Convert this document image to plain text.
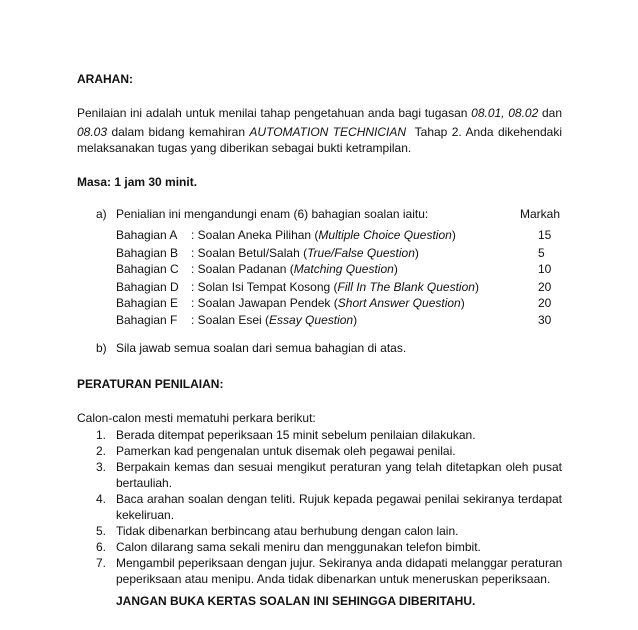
ARAHAN:
Penilaian ini adalah untuk menilai tahap pengetahuan anda bagi tugasan 08.01, 08.02 dan
08.03 dalam bidang kemahiran AUTOMATION TECHNICIAN  Tahap 2. Anda dikehendaki
melaksanakan tugas yang diberikan sebagai bukti ketrampilan.
Masa: 1 jam 30 minit.
a) Penialian ini mengandungi enam (6) bahagian soalan iaitu:	Markah
Bahagian A : Soalan Aneka Pilihan (Multiple Choice Question)	15
Bahagian B : Soalan Betul/Salah (True/False Question)	5
Bahagian C : Soalan Padanan (Matching Question)	10
Bahagian D : Solan Isi Tempat Kosong (Fill In The Blank Question)	20
Bahagian E : Soalan Jawapan Pendek (Short Answer Question)	20
Bahagian F : Soalan Esei (Essay Question)	30
b) Sila jawab semua soalan dari semua bahagian di atas.
PERATURAN PENILAIAN:
Calon-calon mesti mematuhi perkara berikut:
1. Berada ditempat peperiksaan 15 minit sebelum penilaian dilakukan.
2. Pamerkan kad pengenalan untuk disemak oleh pegawai penilai.
3. Berpakain kemas dan sesuai mengikut peraturan yang telah ditetapkan oleh pusat
bertauliah.
4. Baca arahan soalan dengan teliti. Rujuk kepada pegawai penilai sekiranya terdapat
kekeliruan.
5. Tidak dibenarkan berbincang atau berhubung dengan calon lain.
6. Calon dilarang sama sekali meniru dan menggunakan telefon bimbit.
7. Mengambil peperiksaan dengan jujur. Sekiranya anda didapati melanggar peraturan
peperiksaan atau menipu. Anda tidak dibenarkan untuk meneruskan peperiksaan.
JANGAN BUKA KERTAS SOALAN INI SEHINGGA DIBERITAHU.
